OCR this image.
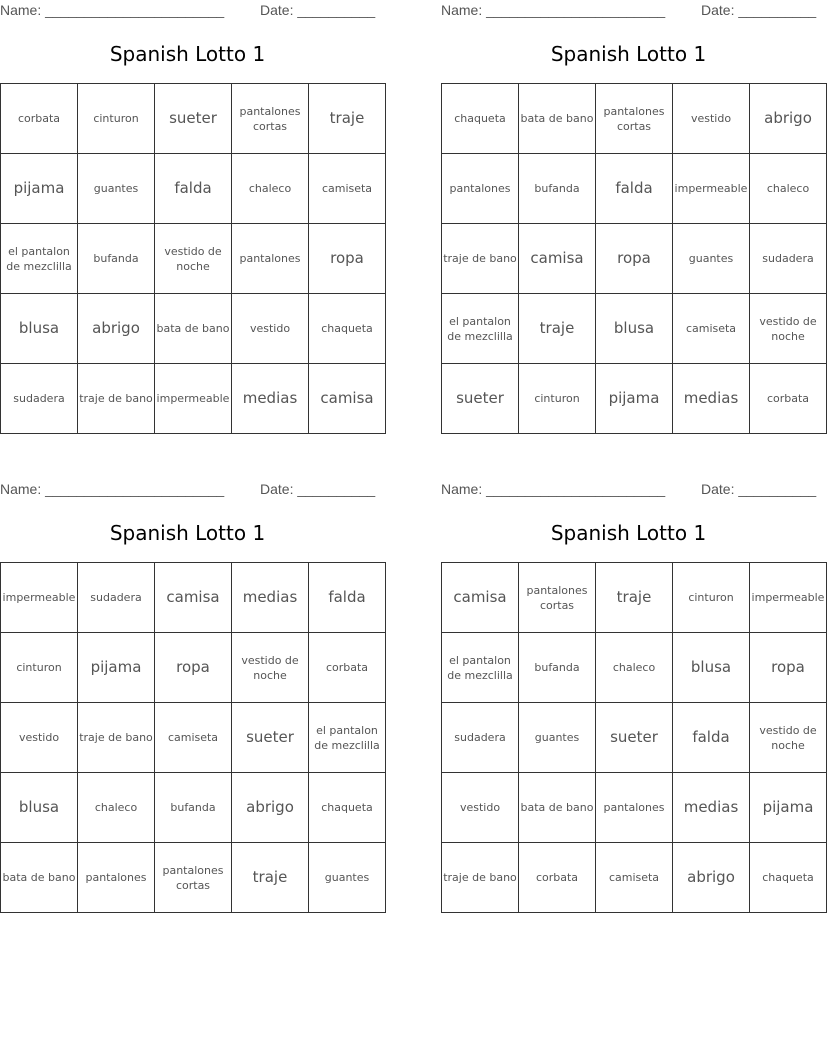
Name: _______________________	Date: __________
Spanish Lotto 1
corbata	cinturon	sueter	pantalones cortas	traje
pijama	guantes	falda	chaleco	camiseta
el pantalon de mezclilla	bufanda	vestido de noche	pantalones	ropa
blusa	abrigo	bata de bano	vestido	chaqueta
sudadera	traje de bano	impermeable	medias	camisa
Name: _______________________	Date: __________
Spanish Lotto 1
chaqueta	bata de bano	pantalones cortas	vestido	abrigo
pantalones	bufanda	falda	impermeable	chaleco
traje de bano	camisa	ropa	guantes	sudadera
el pantalon de mezclilla	traje	blusa	camiseta	vestido de noche
sueter	cinturon	pijama	medias	corbata
Name: _______________________	Date: __________
Spanish Lotto 1
impermeable	sudadera	camisa	medias	falda
cinturon	pijama	ropa	vestido de noche	corbata
vestido	traje de bano	camiseta	sueter	el pantalon de mezclilla
blusa	chaleco	bufanda	abrigo	chaqueta
bata de bano	pantalones	pantalones cortas	traje	guantes
Name: _______________________	Date: __________
Spanish Lotto 1
camisa	pantalones cortas	traje	cinturon	impermeable
el pantalon de mezclilla	bufanda	chaleco	blusa	ropa
sudadera	guantes	sueter	falda	vestido de noche
vestido	bata de bano	pantalones	medias	pijama
traje de bano	corbata	camiseta	abrigo	chaqueta
